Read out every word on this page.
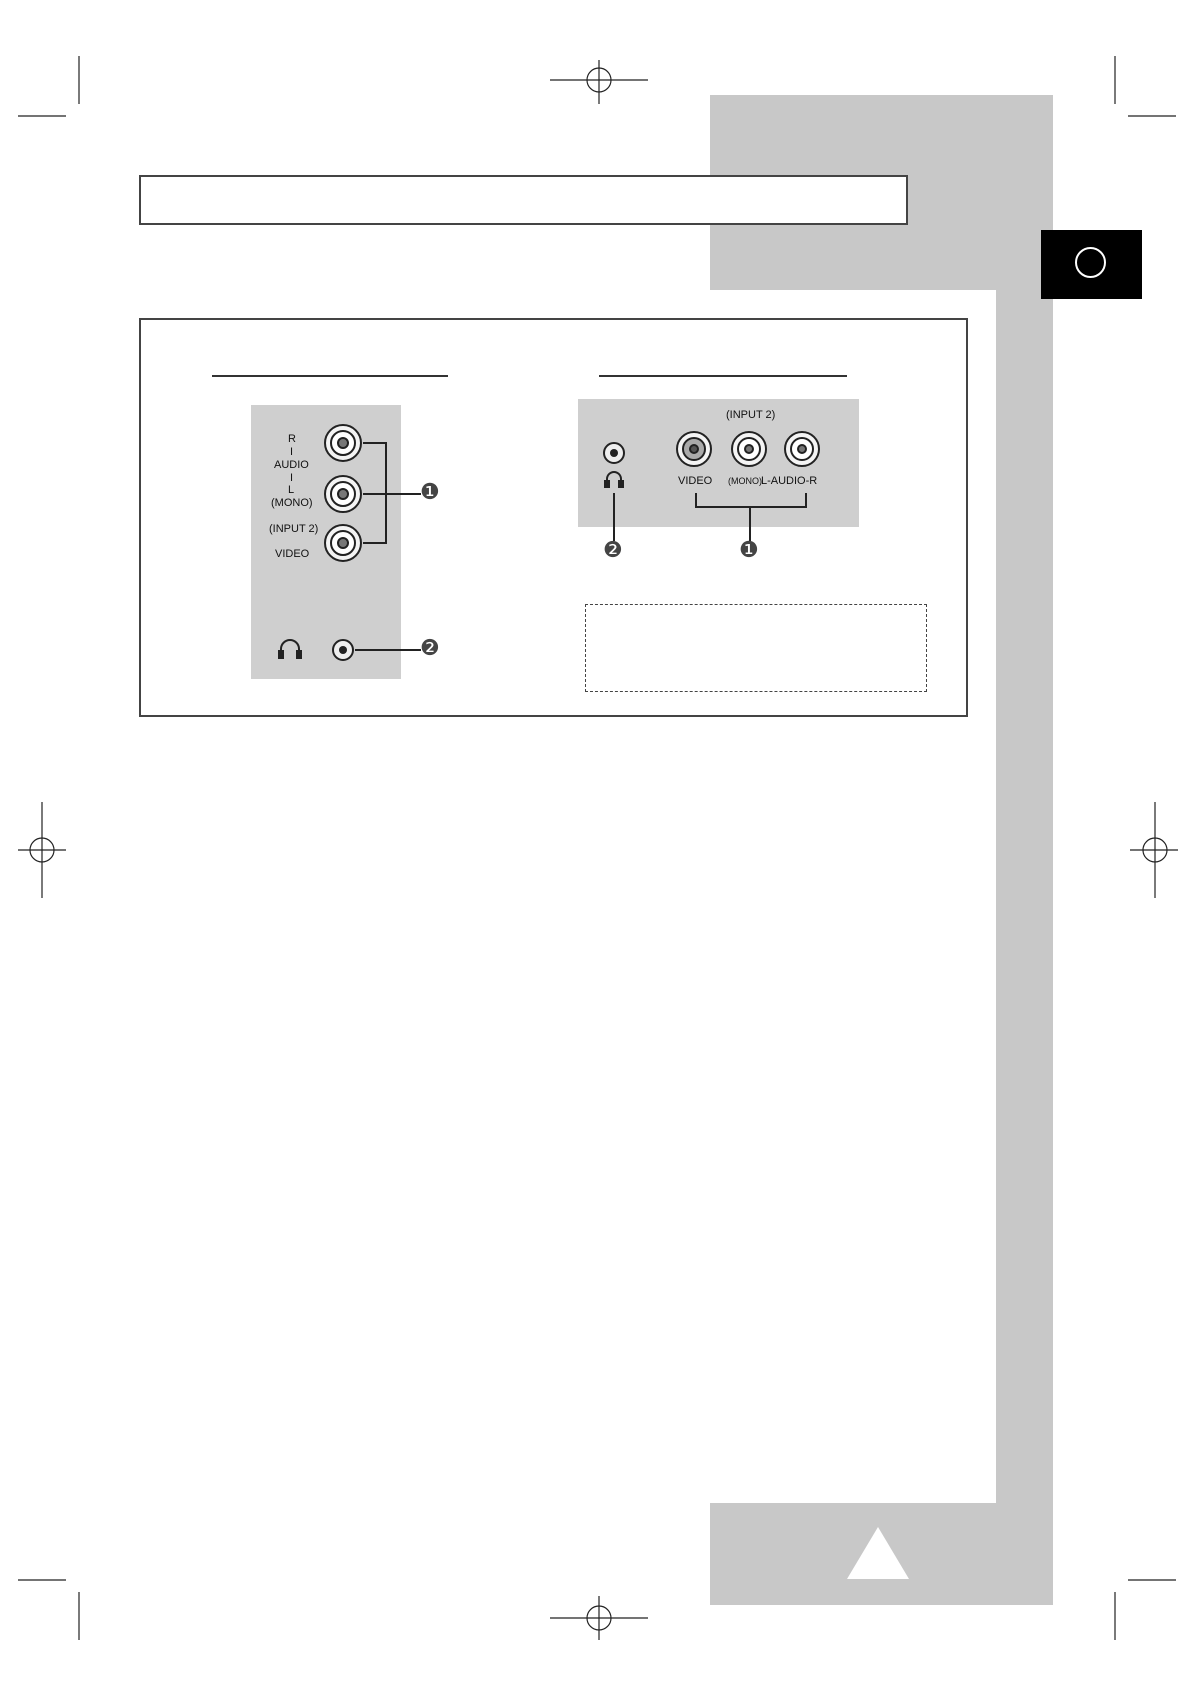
R
I
AUDIO
I
L
(MONO)
(INPUT 2)
VIDEO
❶
❷
(INPUT 2)
VIDEO (MONO) L-AUDIO-R
❷	❶
